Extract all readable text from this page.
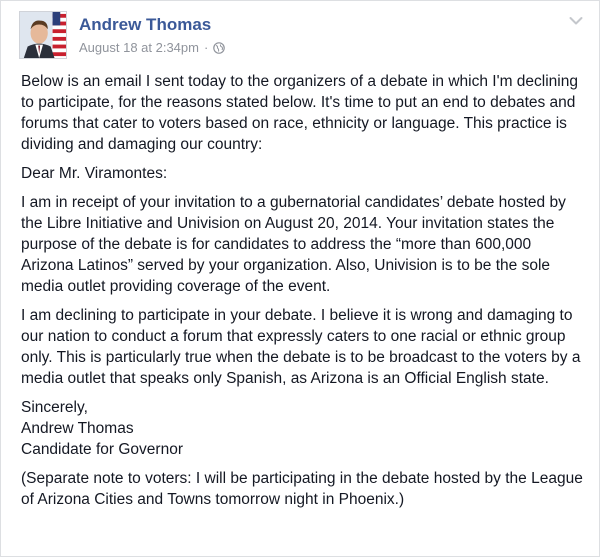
Andrew Thomas
August 18 at 2:34pm ·

Below is an email I sent today to the organizers of a debate in which I'm declining to participate, for the reasons stated below. It's time to put an end to debates and forums that cater to voters based on race, ethnicity or language. This practice is dividing and damaging our country:

Dear Mr. Viramontes:

I am in receipt of your invitation to a gubernatorial candidates’ debate hosted by the Libre Initiative and Univision on August 20, 2014. Your invitation states the purpose of the debate is for candidates to address the “more than 600,000 Arizona Latinos” served by your organization. Also, Univision is to be the sole media outlet providing coverage of the event.

I am declining to participate in your debate. I believe it is wrong and damaging to our nation to conduct a forum that expressly caters to one racial or ethnic group only. This is particularly true when the debate is to be broadcast to the voters by a media outlet that speaks only Spanish, as Arizona is an Official English state.

Sincerely,
Andrew Thomas
Candidate for Governor

(Separate note to voters: I will be participating in the debate hosted by the League of Arizona Cities and Towns tomorrow night in Phoenix.)
